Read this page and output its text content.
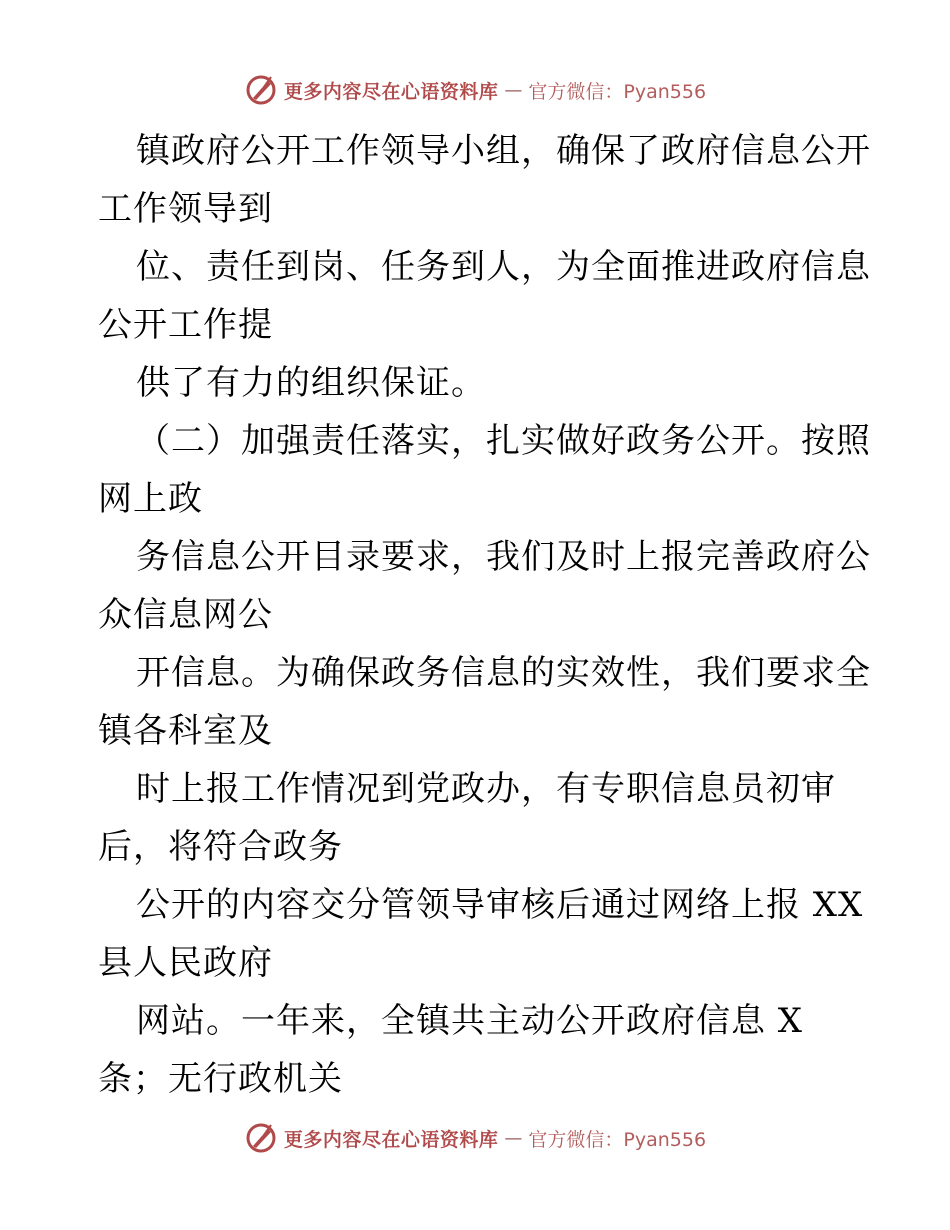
更多内容尽在心语资料库 — 官方微信：Pyan556
镇政府公开工作领导小组，确保了政府信息公开
工作领导到
位、责任到岗、任务到人，为全面推进政府信息
公开工作提
供了有力的组织保证。
（二）加强责任落实，扎实做好政务公开。按照
网上政
务信息公开目录要求，我们及时上报完善政府公
众信息网公
开信息。为确保政务信息的实效性，我们要求全
镇各科室及
时上报工作情况到党政办，有专职信息员初审
后，将符合政务
公开的内容交分管领导审核后通过网络上报 XX
县人民政府
网站。一年来，全镇共主动公开政府信息 X
条；无行政机关
更多内容尽在心语资料库 — 官方微信：Pyan556
